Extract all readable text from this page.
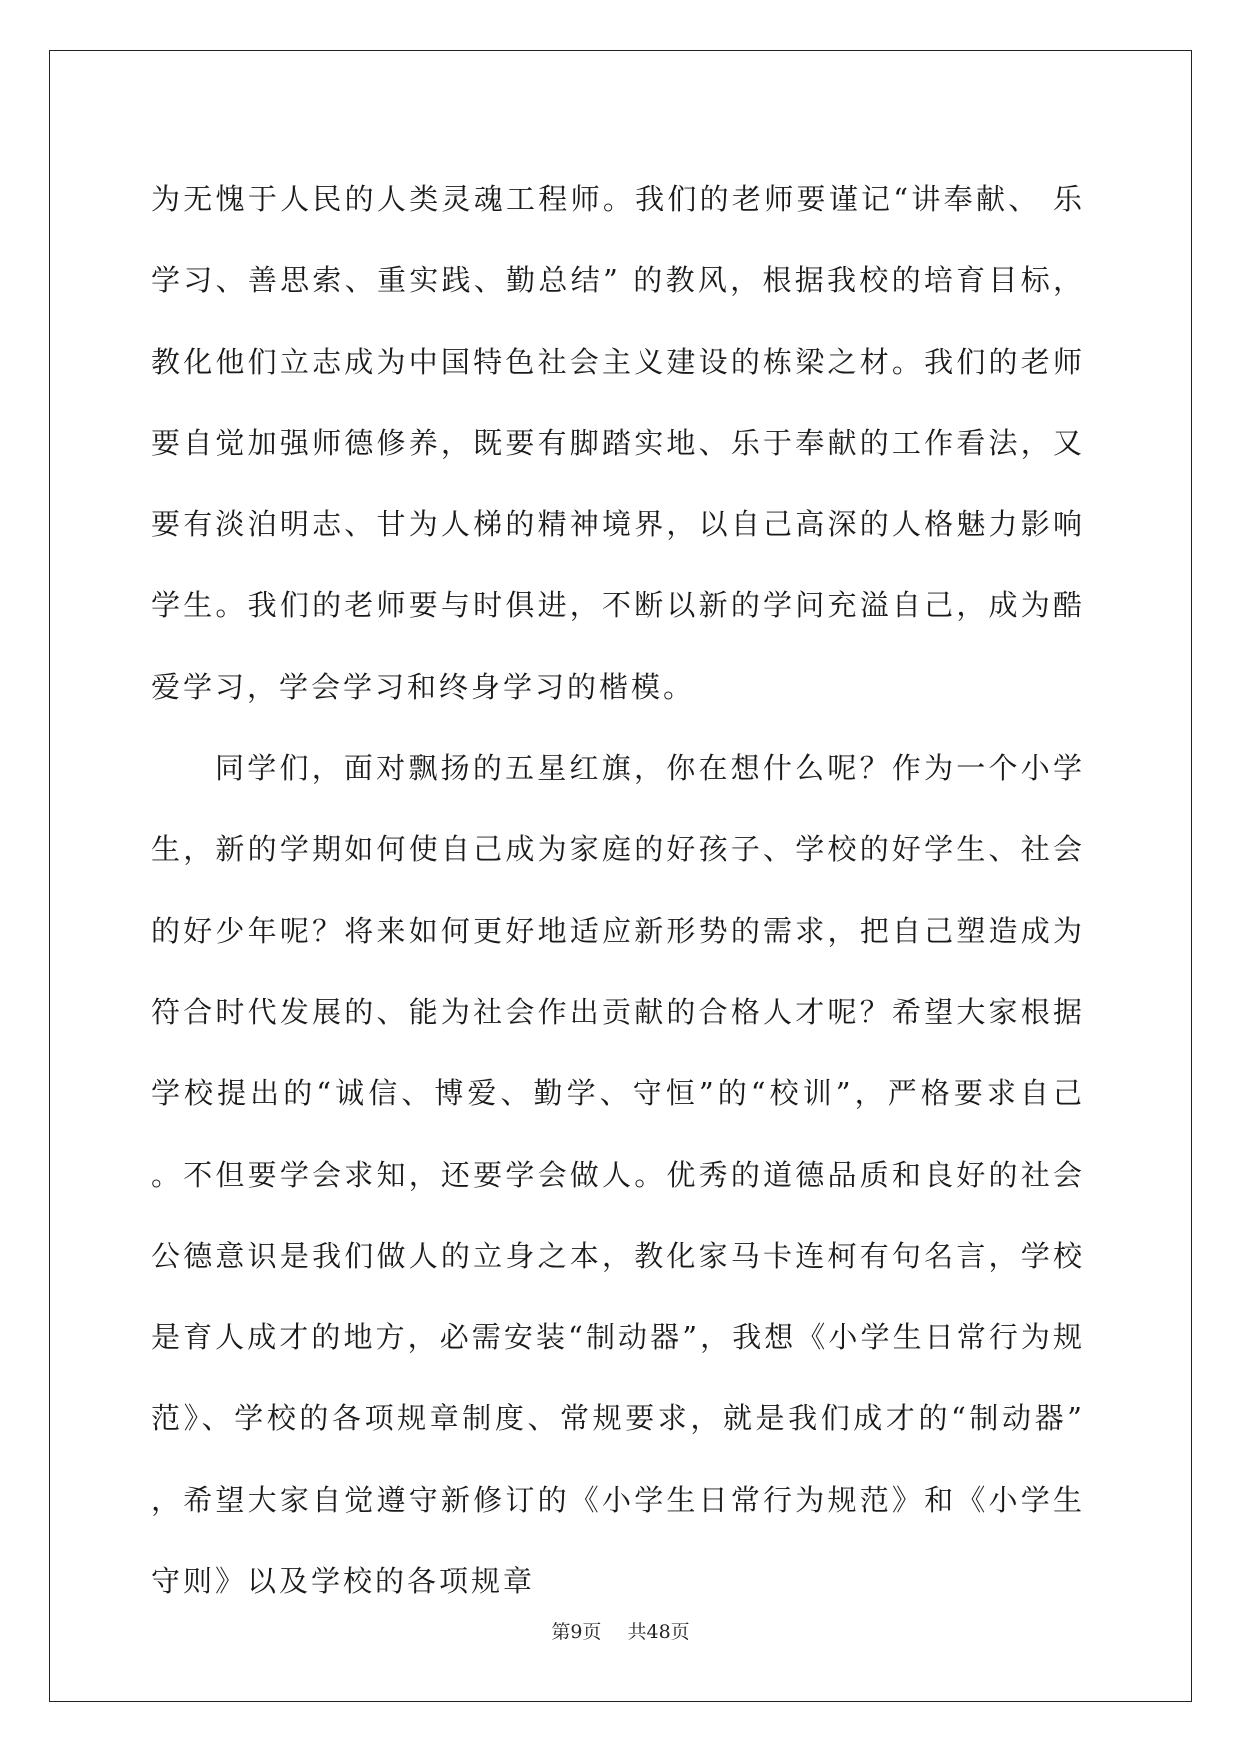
为无愧于人民的人类灵魂工程师。我们的老师要谨记“讲奉献、 乐学习、善思索、重实践、勤总结” 的教风，根据我校的培育目标，教化他们立志成为中国特色社会主义建设的栋梁之材。我们的老师要自觉加强师德修养，既要有脚踏实地、乐于奉献的工作看法，又要有淡泊明志、甘为人梯的精神境界，以自己高深的人格魅力影响学生。我们的老师要与时俱进，不断以新的学问充溢自己，成为酷爱学习，学会学习和终身学习的楷模。

同学们，面对飘扬的五星红旗，你在想什么呢？作为一个小学生，新的学期如何使自己成为家庭的好孩子、学校的好学生、社会的好少年呢？将来如何更好地适应新形势的需求，把自己塑造成为符合时代发展的、能为社会作出贡献的合格人才呢？希望大家根据学校提出的“诚信、博爱、勤学、守恒”的“校训”，严格要求自己。不但要学会求知，还要学会做人。优秀的道德品质和良好的社会公德意识是我们做人的立身之本，教化家马卡连柯有句名言，学校是育人成才的地方，必需安装“制动器”，我想《小学生日常行为规范》、学校的各项规章制度、常规要求，就是我们成才的“制动器”，希望大家自觉遵守新修订的《小学生日常行为规范》和《小学生守则》以及学校的各项规章

第9页 共48页
